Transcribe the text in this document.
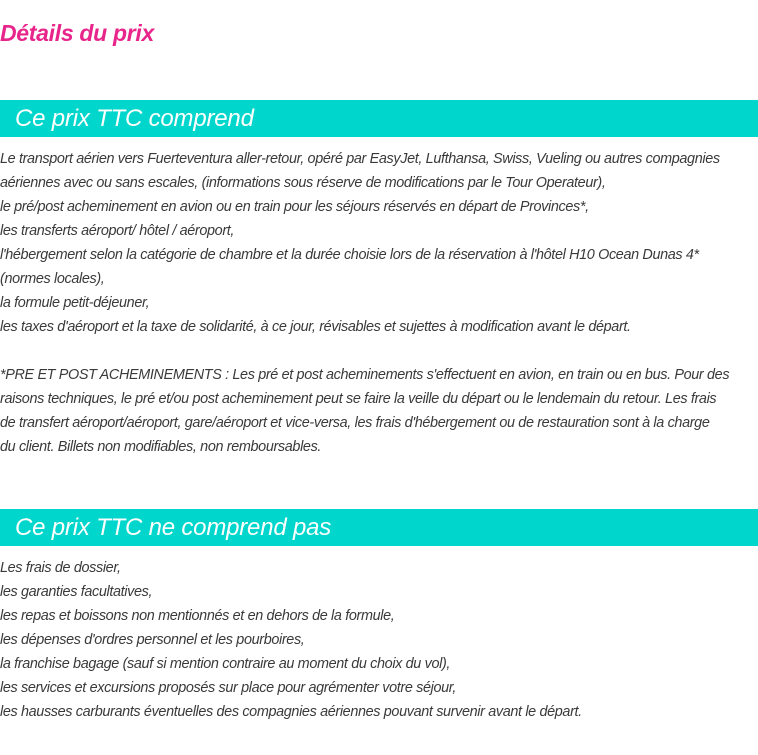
Détails du prix
Ce prix TTC comprend
Le transport aérien vers Fuerteventura aller-retour, opéré par EasyJet, Lufthansa, Swiss, Vueling ou autres compagnies
aériennes avec ou sans escales, (informations sous réserve de modifications par le Tour Operateur),
le pré/post acheminement en avion ou en train pour les séjours réservés en départ de Provinces*,
les transferts aéroport/ hôtel / aéroport,
l'hébergement selon la catégorie de chambre et la durée choisie lors de la réservation à l'hôtel H10 Ocean Dunas 4*
(normes locales),
la formule petit-déjeuner,
les taxes d'aéroport et la taxe de solidarité, à ce jour, révisables et sujettes à modification avant le départ.
*PRE ET POST ACHEMINEMENTS : Les pré et post acheminements s'effectuent en avion, en train ou en bus. Pour des
raisons techniques, le pré et/ou post acheminement peut se faire la veille du départ ou le lendemain du retour. Les frais
de transfert aéroport/aéroport, gare/aéroport et vice-versa, les frais d'hébergement ou de restauration sont à la charge
du client. Billets non modifiables, non remboursables.
Ce prix TTC ne comprend pas
Les frais de dossier,
les garanties facultatives,
les repas et boissons non mentionnés et en dehors de la formule,
les dépenses d'ordres personnel et les pourboires,
la franchise bagage (sauf si mention contraire au moment du choix du vol),
les services et excursions proposés sur place pour agrémenter votre séjour,
les hausses carburants éventuelles des compagnies aériennes pouvant survenir avant le départ.
